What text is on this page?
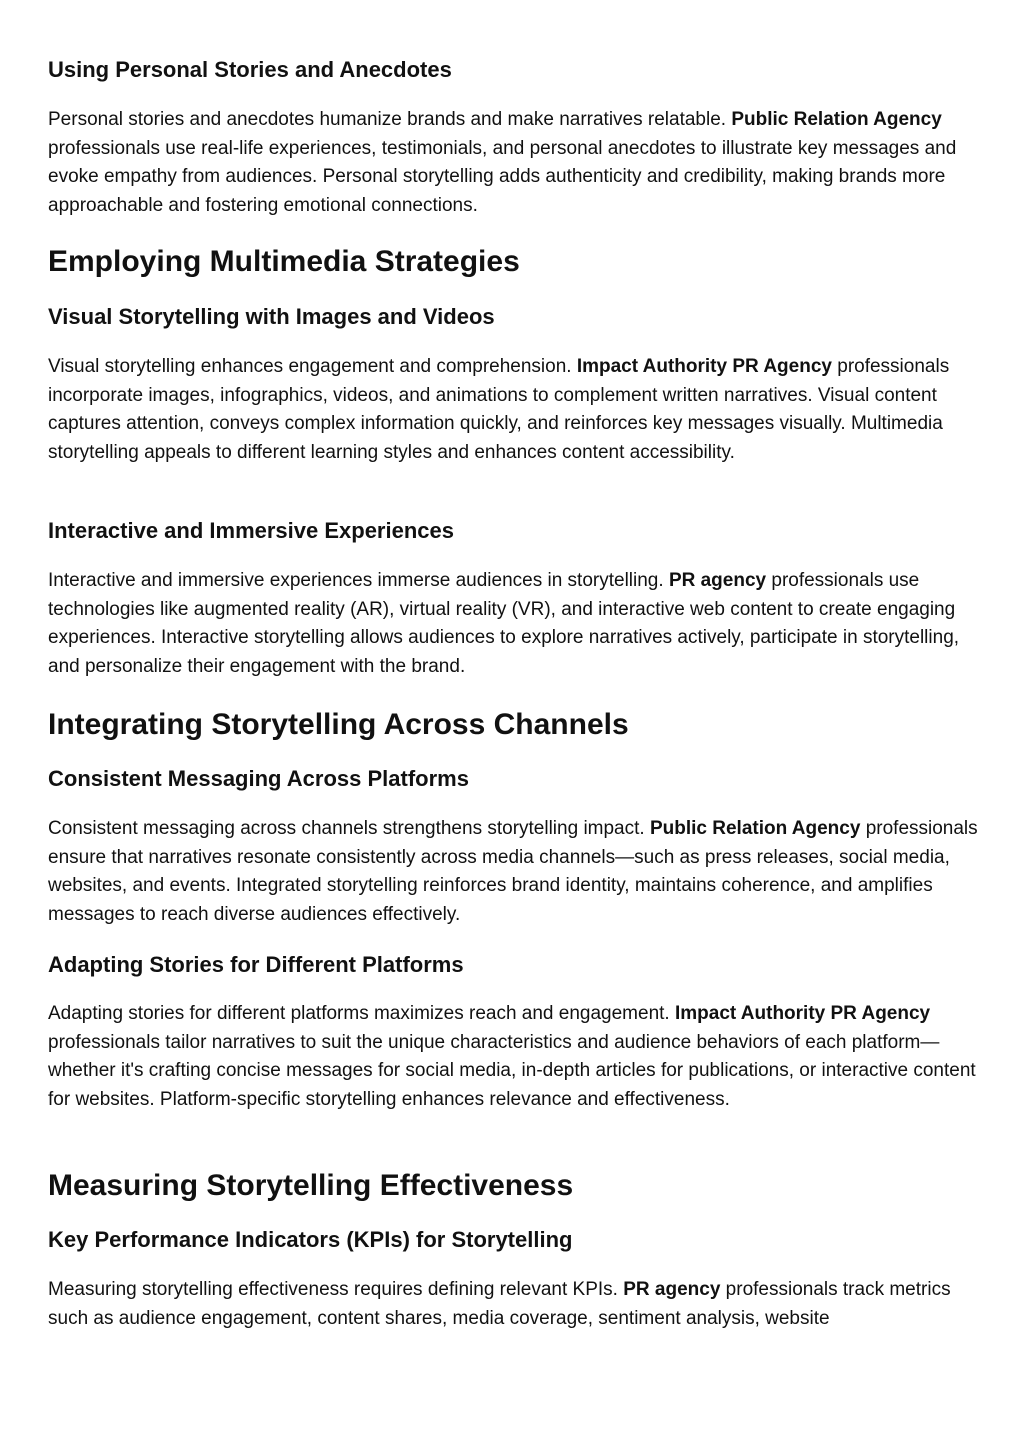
Using Personal Stories and Anecdotes

Personal stories and anecdotes humanize brands and make narratives relatable. Public Relation Agency professionals use real-life experiences, testimonials, and personal anecdotes to illustrate key messages and evoke empathy from audiences. Personal storytelling adds authenticity and credibility, making brands more approachable and fostering emotional connections.

Employing Multimedia Strategies
Visual Storytelling with Images and Videos

Visual storytelling enhances engagement and comprehension. Impact Authority PR Agency professionals incorporate images, infographics, videos, and animations to complement written narratives. Visual content captures attention, conveys complex information quickly, and reinforces key messages visually. Multimedia storytelling appeals to different learning styles and enhances content accessibility.

Interactive and Immersive Experiences

Interactive and immersive experiences immerse audiences in storytelling. PR agency professionals use technologies like augmented reality (AR), virtual reality (VR), and interactive web content to create engaging experiences. Interactive storytelling allows audiences to explore narratives actively, participate in storytelling, and personalize their engagement with the brand.

Integrating Storytelling Across Channels
Consistent Messaging Across Platforms

Consistent messaging across channels strengthens storytelling impact. Public Relation Agency professionals ensure that narratives resonate consistently across media channels—such as press releases, social media, websites, and events. Integrated storytelling reinforces brand identity, maintains coherence, and amplifies messages to reach diverse audiences effectively.

Adapting Stories for Different Platforms

Adapting stories for different platforms maximizes reach and engagement. Impact Authority PR Agency professionals tailor narratives to suit the unique characteristics and audience behaviors of each platform—whether it's crafting concise messages for social media, in-depth articles for publications, or interactive content for websites. Platform-specific storytelling enhances relevance and effectiveness.

Measuring Storytelling Effectiveness
Key Performance Indicators (KPIs) for Storytelling

Measuring storytelling effectiveness requires defining relevant KPIs. PR agency professionals track metrics such as audience engagement, content shares, media coverage, sentiment analysis, website
